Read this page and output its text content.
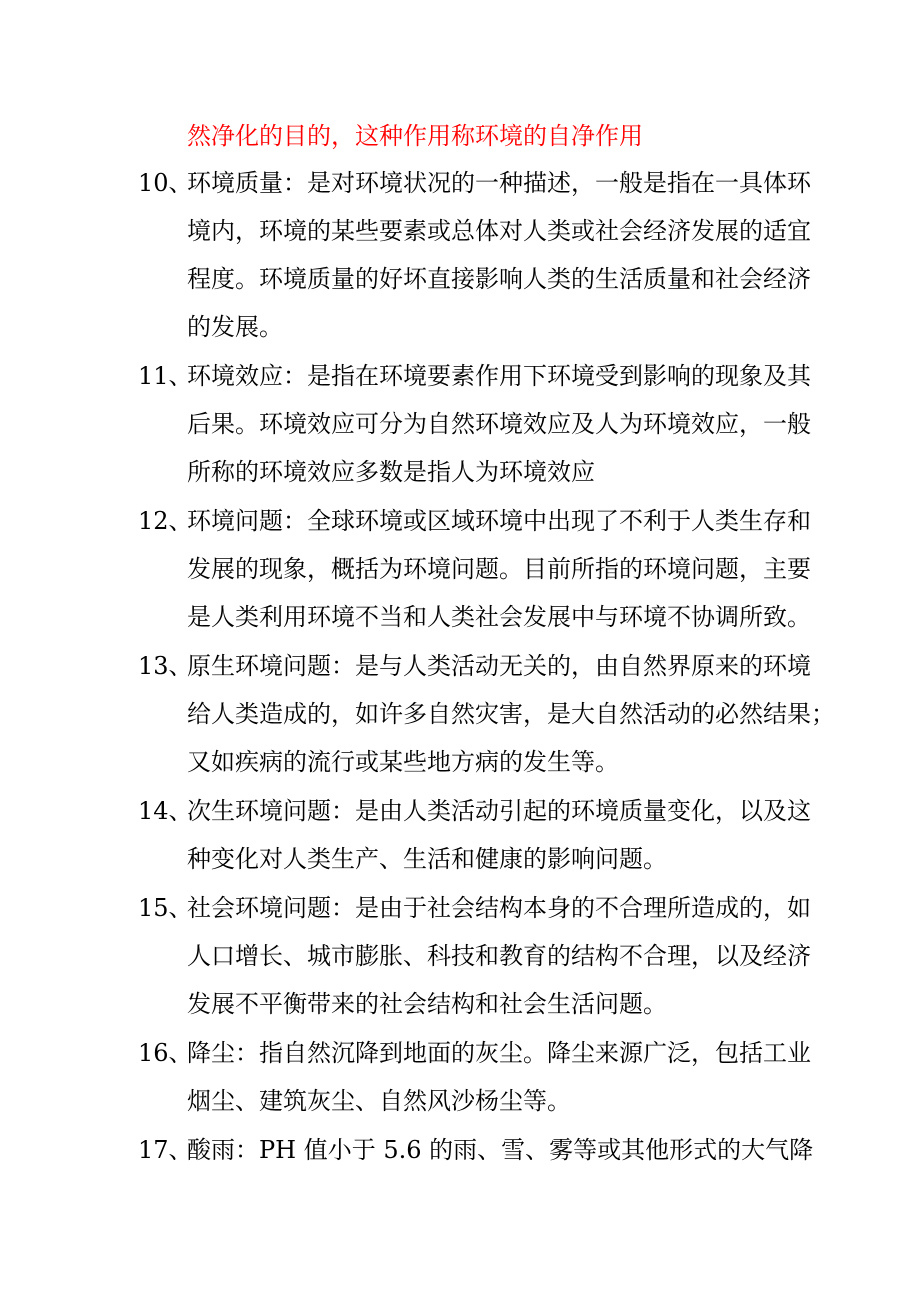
然净化的目的，这种作用称环境的自净作用
10、
环境质量：是对环境状况的一种描述，一般是指在一具体环
境内，环境的某些要素或总体对人类或社会经济发展的适宜
程度。环境质量的好坏直接影响人类的生活质量和社会经济
的发展。
11、
环境效应：是指在环境要素作用下环境受到影响的现象及其
后果。环境效应可分为自然环境效应及人为环境效应，一般
所称的环境效应多数是指人为环境效应
12、
环境问题：全球环境或区域环境中出现了不利于人类生存和
发展的现象，概括为环境问题。目前所指的环境问题，主要
是人类利用环境不当和人类社会发展中与环境不协调所致。
13、
原生环境问题：是与人类活动无关的，由自然界原来的环境
给人类造成的，如许多自然灾害，是大自然活动的必然结果；
又如疾病的流行或某些地方病的发生等。
14、
次生环境问题：是由人类活动引起的环境质量变化，以及这
种变化对人类生产、生活和健康的影响问题。
15、
社会环境问题：是由于社会结构本身的不合理所造成的，如
人口增长、城市膨胀、科技和教育的结构不合理，以及经济
发展不平衡带来的社会结构和社会生活问题。
16、
降尘：指自然沉降到地面的灰尘。降尘来源广泛，包括工业
烟尘、建筑灰尘、自然风沙杨尘等。
17、
酸雨：PH 值小于 5.6 的雨、雪、雾等或其他形式的大气降
